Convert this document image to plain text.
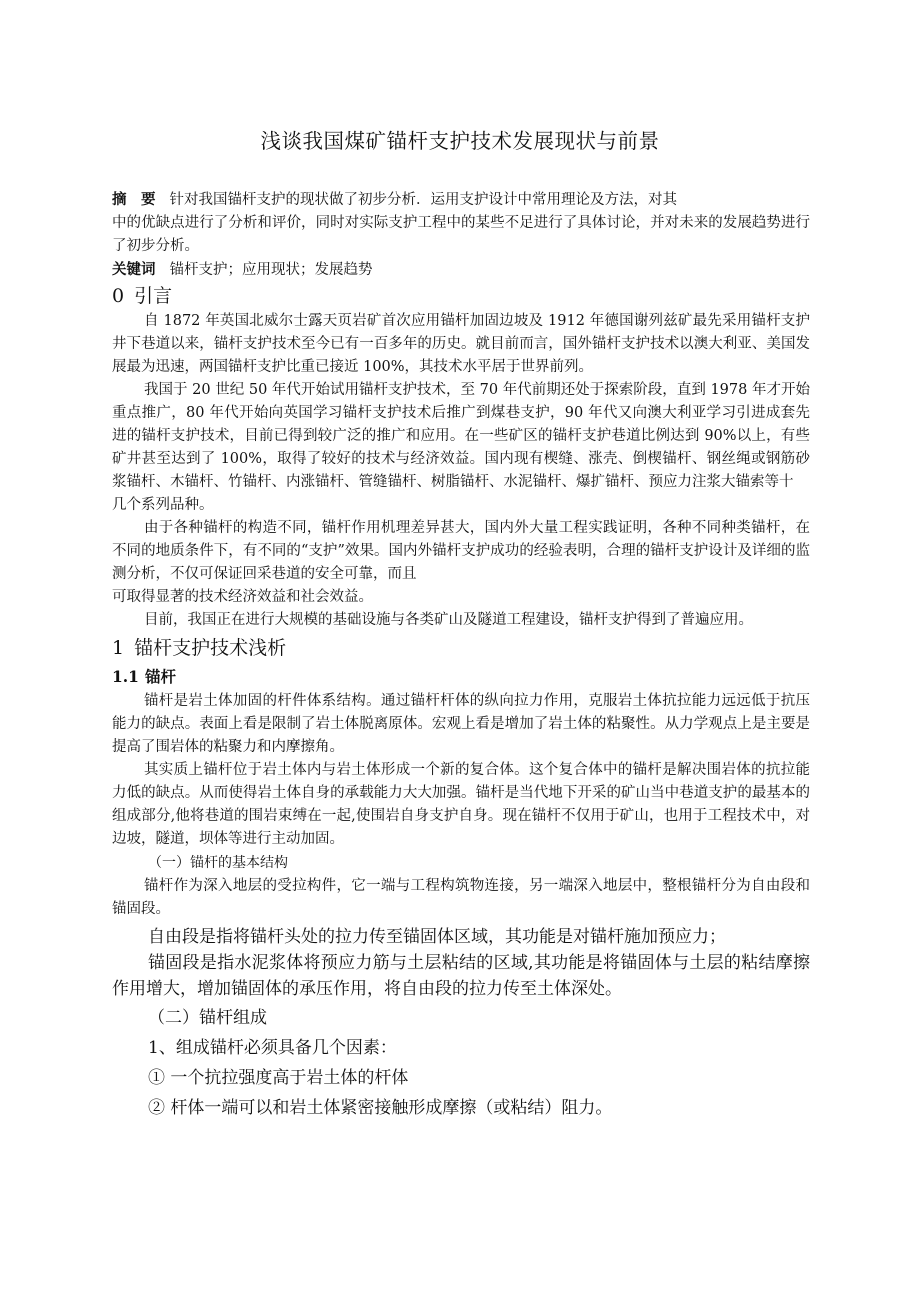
浅谈我国煤矿锚杆支护技术发展现状与前景

摘　要 针对我国锚杆支护的现状做了初步分析．运用支护设计中常用理论及方法，对其

中的优缺点进行了分析和评价，同时对实际支护工程中的某些不足进行了具体讨论，并对未来的发展趋势进行了初步分析。

关键词 锚杆支护；应用现状；发展趋势

0 引言

自 1872 年英国北威尔士露天页岩矿首次应用锚杆加固边坡及 1912 年德国谢列兹矿最先采用锚杆支护井下巷道以来，锚杆支护技术至今已有一百多年的历史。就目前而言，国外锚杆支护技术以澳大利亚、美国发展最为迅速，两国锚杆支护比重已接近 100%，其技术水平居于世界前列。

我国于 20 世纪 50 年代开始试用锚杆支护技术，至 70 年代前期还处于探索阶段，直到 1978 年才开始重点推广，80 年代开始向英国学习锚杆支护技术后推广到煤巷支护，90 年代又向澳大利亚学习引进成套先进的锚杆支护技术，目前已得到较广泛的推广和应用。在一些矿区的锚杆支护巷道比例达到 90%以上，有些矿井甚至达到了 100%，取得了较好的技术与经济效益。国内现有楔缝、涨壳、倒楔锚杆、钢丝绳或钢筋砂浆锚杆、木锚杆、竹锚杆、内涨锚杆、管缝锚杆、树脂锚杆、水泥锚杆、爆扩锚杆、预应力注浆大锚索等十

几个系列品种。

由于各种锚杆的构造不同，锚杆作用机理差异甚大，国内外大量工程实践证明，各种不同种类锚杆，在不同的地质条件下，有不同的“支护”效果。国内外锚杆支护成功的经验表明，合理的锚杆支护设计及详细的监测分析，不仅可保证回采巷道的安全可靠，而且

可取得显著的技术经济效益和社会效益。

目前，我国正在进行大规模的基础设施与各类矿山及隧道工程建设，锚杆支护得到了普遍应用。

1 锚杆支护技术浅析
1.1 锚杆

锚杆是岩土体加固的杆件体系结构。通过锚杆杆体的纵向拉力作用，克服岩土体抗拉能力远远低于抗压能力的缺点。表面上看是限制了岩土体脱离原体。宏观上看是增加了岩土体的粘聚性。从力学观点上是主要是提高了围岩体的粘聚力和内摩擦角。

其实质上锚杆位于岩土体内与岩土体形成一个新的复合体。这个复合体中的锚杆是解决围岩体的抗拉能力低的缺点。从而使得岩土体自身的承载能力大大加强。锚杆是当代地下开采的矿山当中巷道支护的最基本的组成部分,他将巷道的围岩束缚在一起,使围岩自身支护自身。现在锚杆不仅用于矿山，也用于工程技术中，对边坡，隧道，坝体等进行主动加固。

（一）锚杆的基本结构

锚杆作为深入地层的受拉构件，它一端与工程构筑物连接，另一端深入地层中，整根锚杆分为自由段和锚固段。

自由段是指将锚杆头处的拉力传至锚固体区域，其功能是对锚杆施加预应力；

锚固段是指水泥浆体将预应力筋与土层粘结的区域,其功能是将锚固体与土层的粘结摩擦作用增大，增加锚固体的承压作用，将自由段的拉力传至土体深处。

（二）锚杆组成

1、组成锚杆必须具备几个因素：

① 一个抗拉强度高于岩土体的杆体

② 杆体一端可以和岩土体紧密接触形成摩擦（或粘结）阻力。
